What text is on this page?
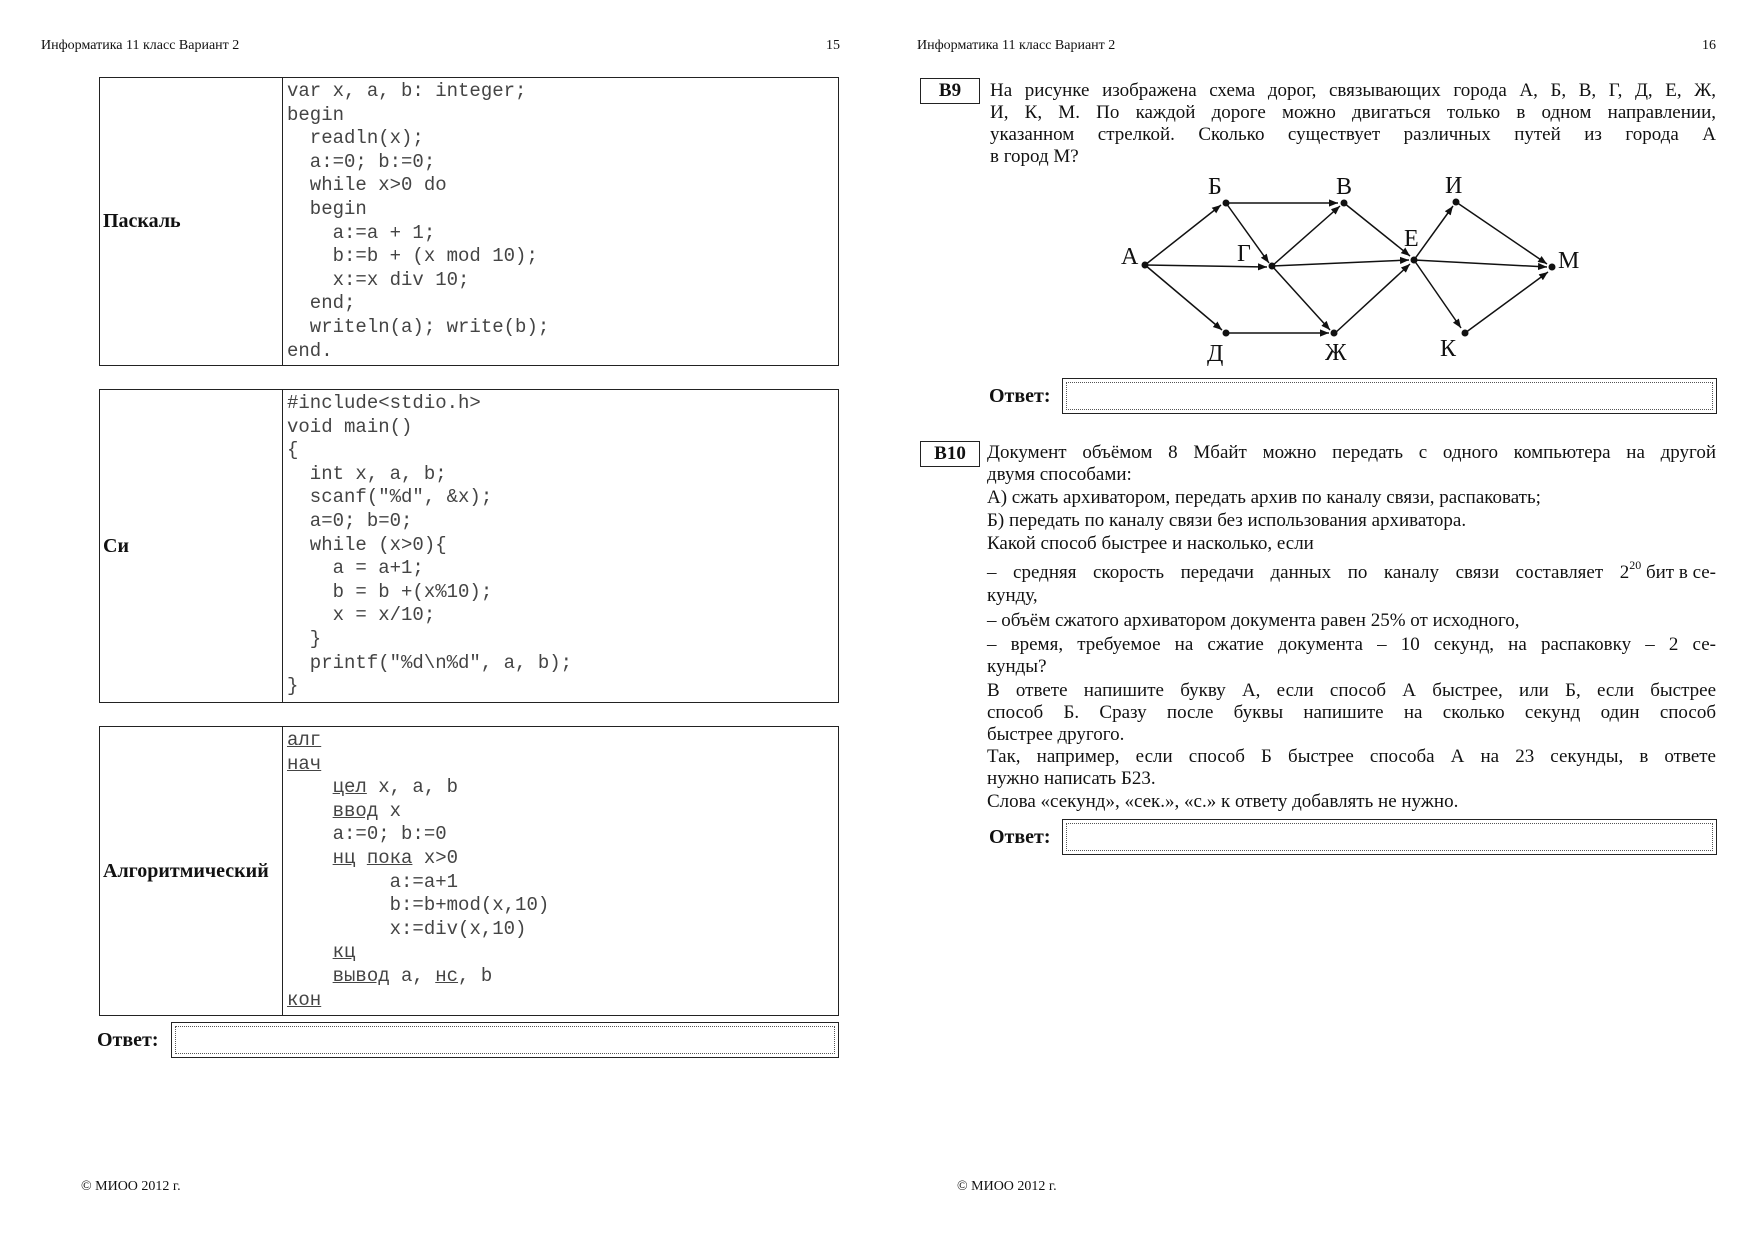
Информатика 11 класс Вариант 2	15
Паскаль
var x, a, b: integer;
begin
readln(x);
a:=0; b:=0;
while x>0 do
begin
a:=a + 1;
b:=b + (x mod 10);
x:=x div 10;
end;
writeln(a); write(b);
end.
Си
#include<stdio.h>
void main()
{
int x, a, b;
scanf("%d", &x);
a=0; b=0;
while (x>0){
a = a+1;
b = b +(x%10);
x = x/10;
}
printf("%d\n%d", a, b);
}
Алгоритмический
алг
нач
цел x, a, b
ввод x
a:=0; b:=0
нц пока x>0
a:=a+1
b:=b+mod(x,10)
x:=div(x,10)
кц
вывод a, нс, b
кон
Ответ:
© МИОО 2012 г.
Информатика 11 класс Вариант 2	16
B9	На рисунке изображена схема дорог, связывающих города А, Б, В, Г, Д, Е, Ж,
И, К, М. По каждой дороге можно двигаться только в одном направлении,
указанном стрелкой. Сколько существует различных путей из города А
в город М?
А
Б	В
Г
Д	Ж
Е
И
К
М
Ответ:
B10	Документ объёмом 8 Мбайт можно передать с одного компьютера на другой
двумя способами:
А) сжать архиватором, передать архив по каналу связи, распаковать;
Б) передать по каналу связи без использования архиватора.
Какой способ быстрее и насколько, если
– средняя скорость передачи данных по каналу связи составляет 2 20 бит в се-
кунду,
– объём сжатого архиватором документа равен 25% от исходного,
– время, требуемое на сжатие документа – 10 секунд, на распаковку – 2 се-
кунды?
В ответе напишите букву А, если способ А быстрее, или Б, если быстрее
способ Б. Сразу после буквы напишите на сколько секунд один способ
быстрее другого.
Так, например, если способ Б быстрее способа А на 23 секунды, в ответе
нужно написать Б23.
Слова «секунд», «сек.», «с.» к ответу добавлять не нужно.
Ответ:
© МИОО 2012 г.
